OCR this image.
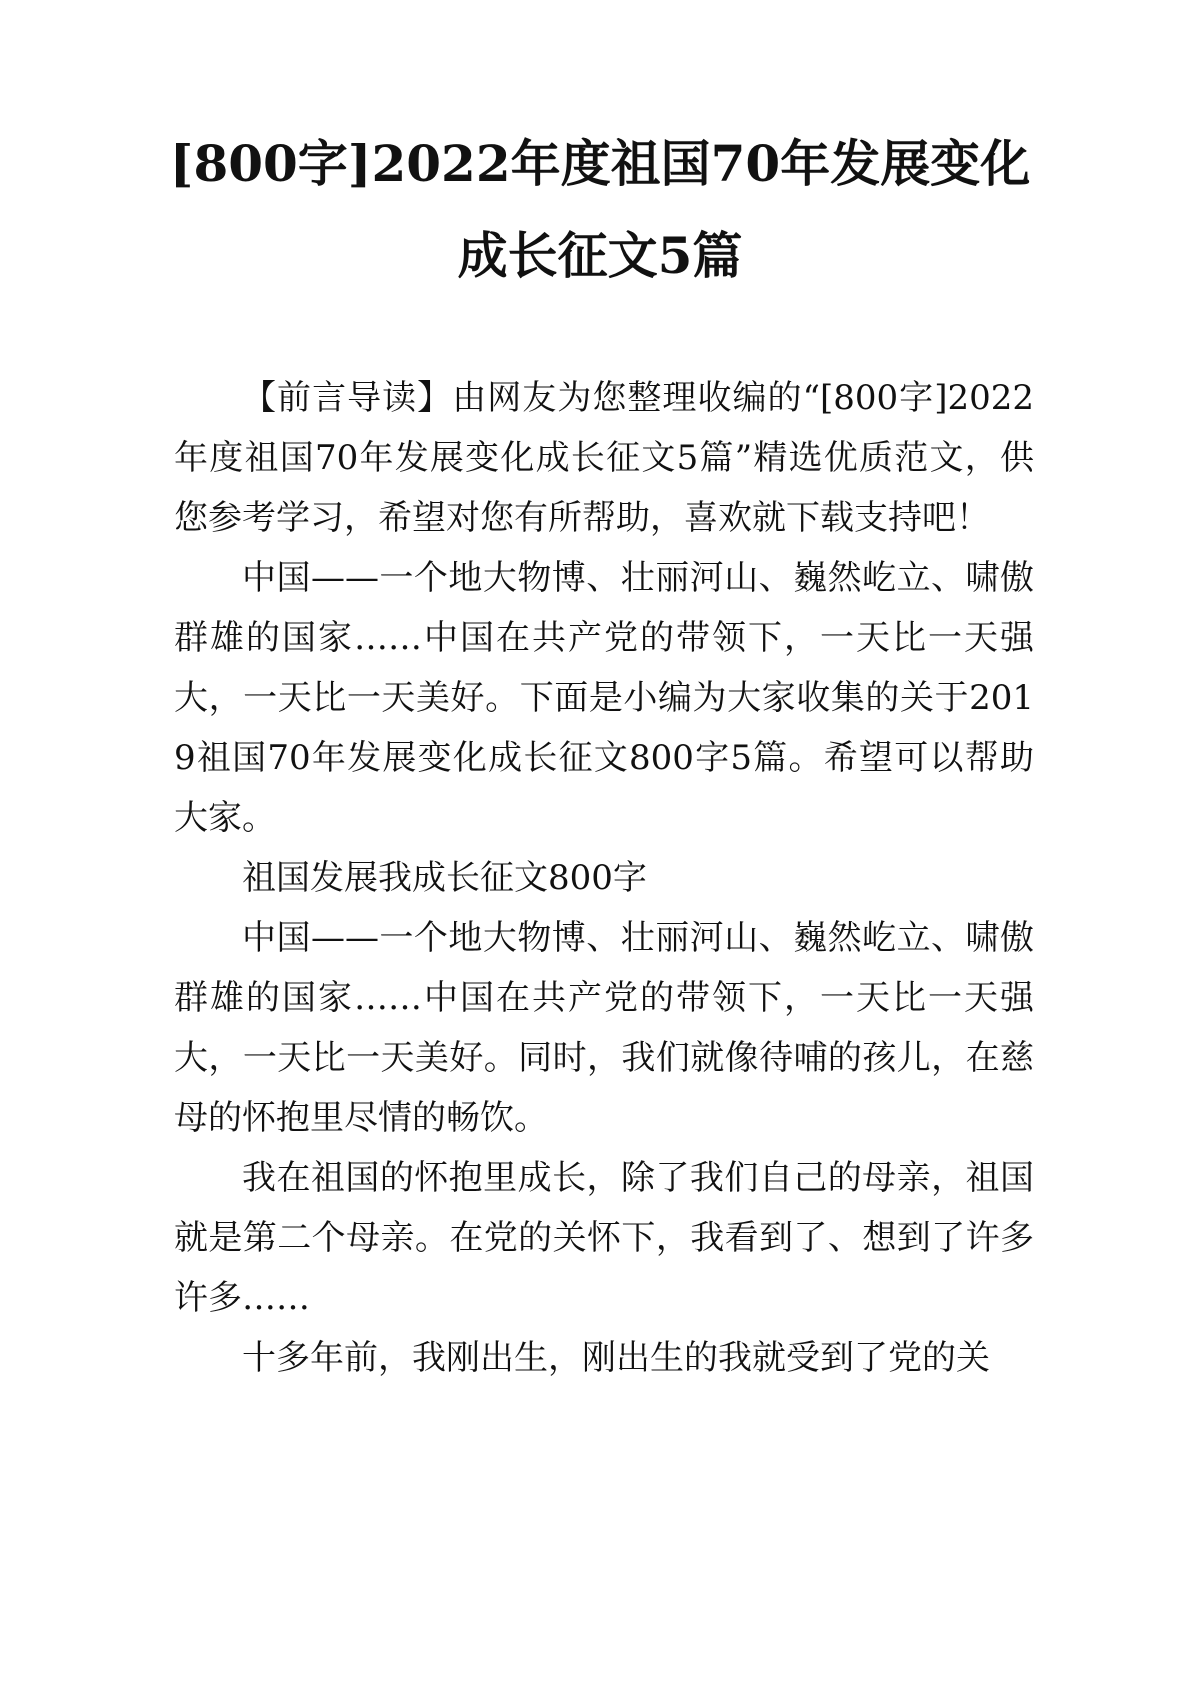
[800字]2022年度祖国70年发展变化
成长征文5篇

【前言导读】由网友为您整理收编的“[800字]2022年度祖国70年发展变化成长征文5篇”精选优质范文，供您参考学习，希望对您有所帮助，喜欢就下载支持吧！

中国——一个地大物博、壮丽河山、巍然屹立、啸傲群雄的国家……中国在共产党的带领下，一天比一天强大，一天比一天美好。下面是小编为大家收集的关于2019祖国70年发展变化成长征文800字5篇。希望可以帮助大家。

祖国发展我成长征文800字

中国——一个地大物博、壮丽河山、巍然屹立、啸傲群雄的国家……中国在共产党的带领下，一天比一天强大，一天比一天美好。同时，我们就像待哺的孩儿，在慈母的怀抱里尽情的畅饮。

我在祖国的怀抱里成长，除了我们自己的母亲，祖国就是第二个母亲。在党的关怀下，我看到了、想到了许多许多……

十多年前，我刚出生，刚出生的我就受到了党的关
